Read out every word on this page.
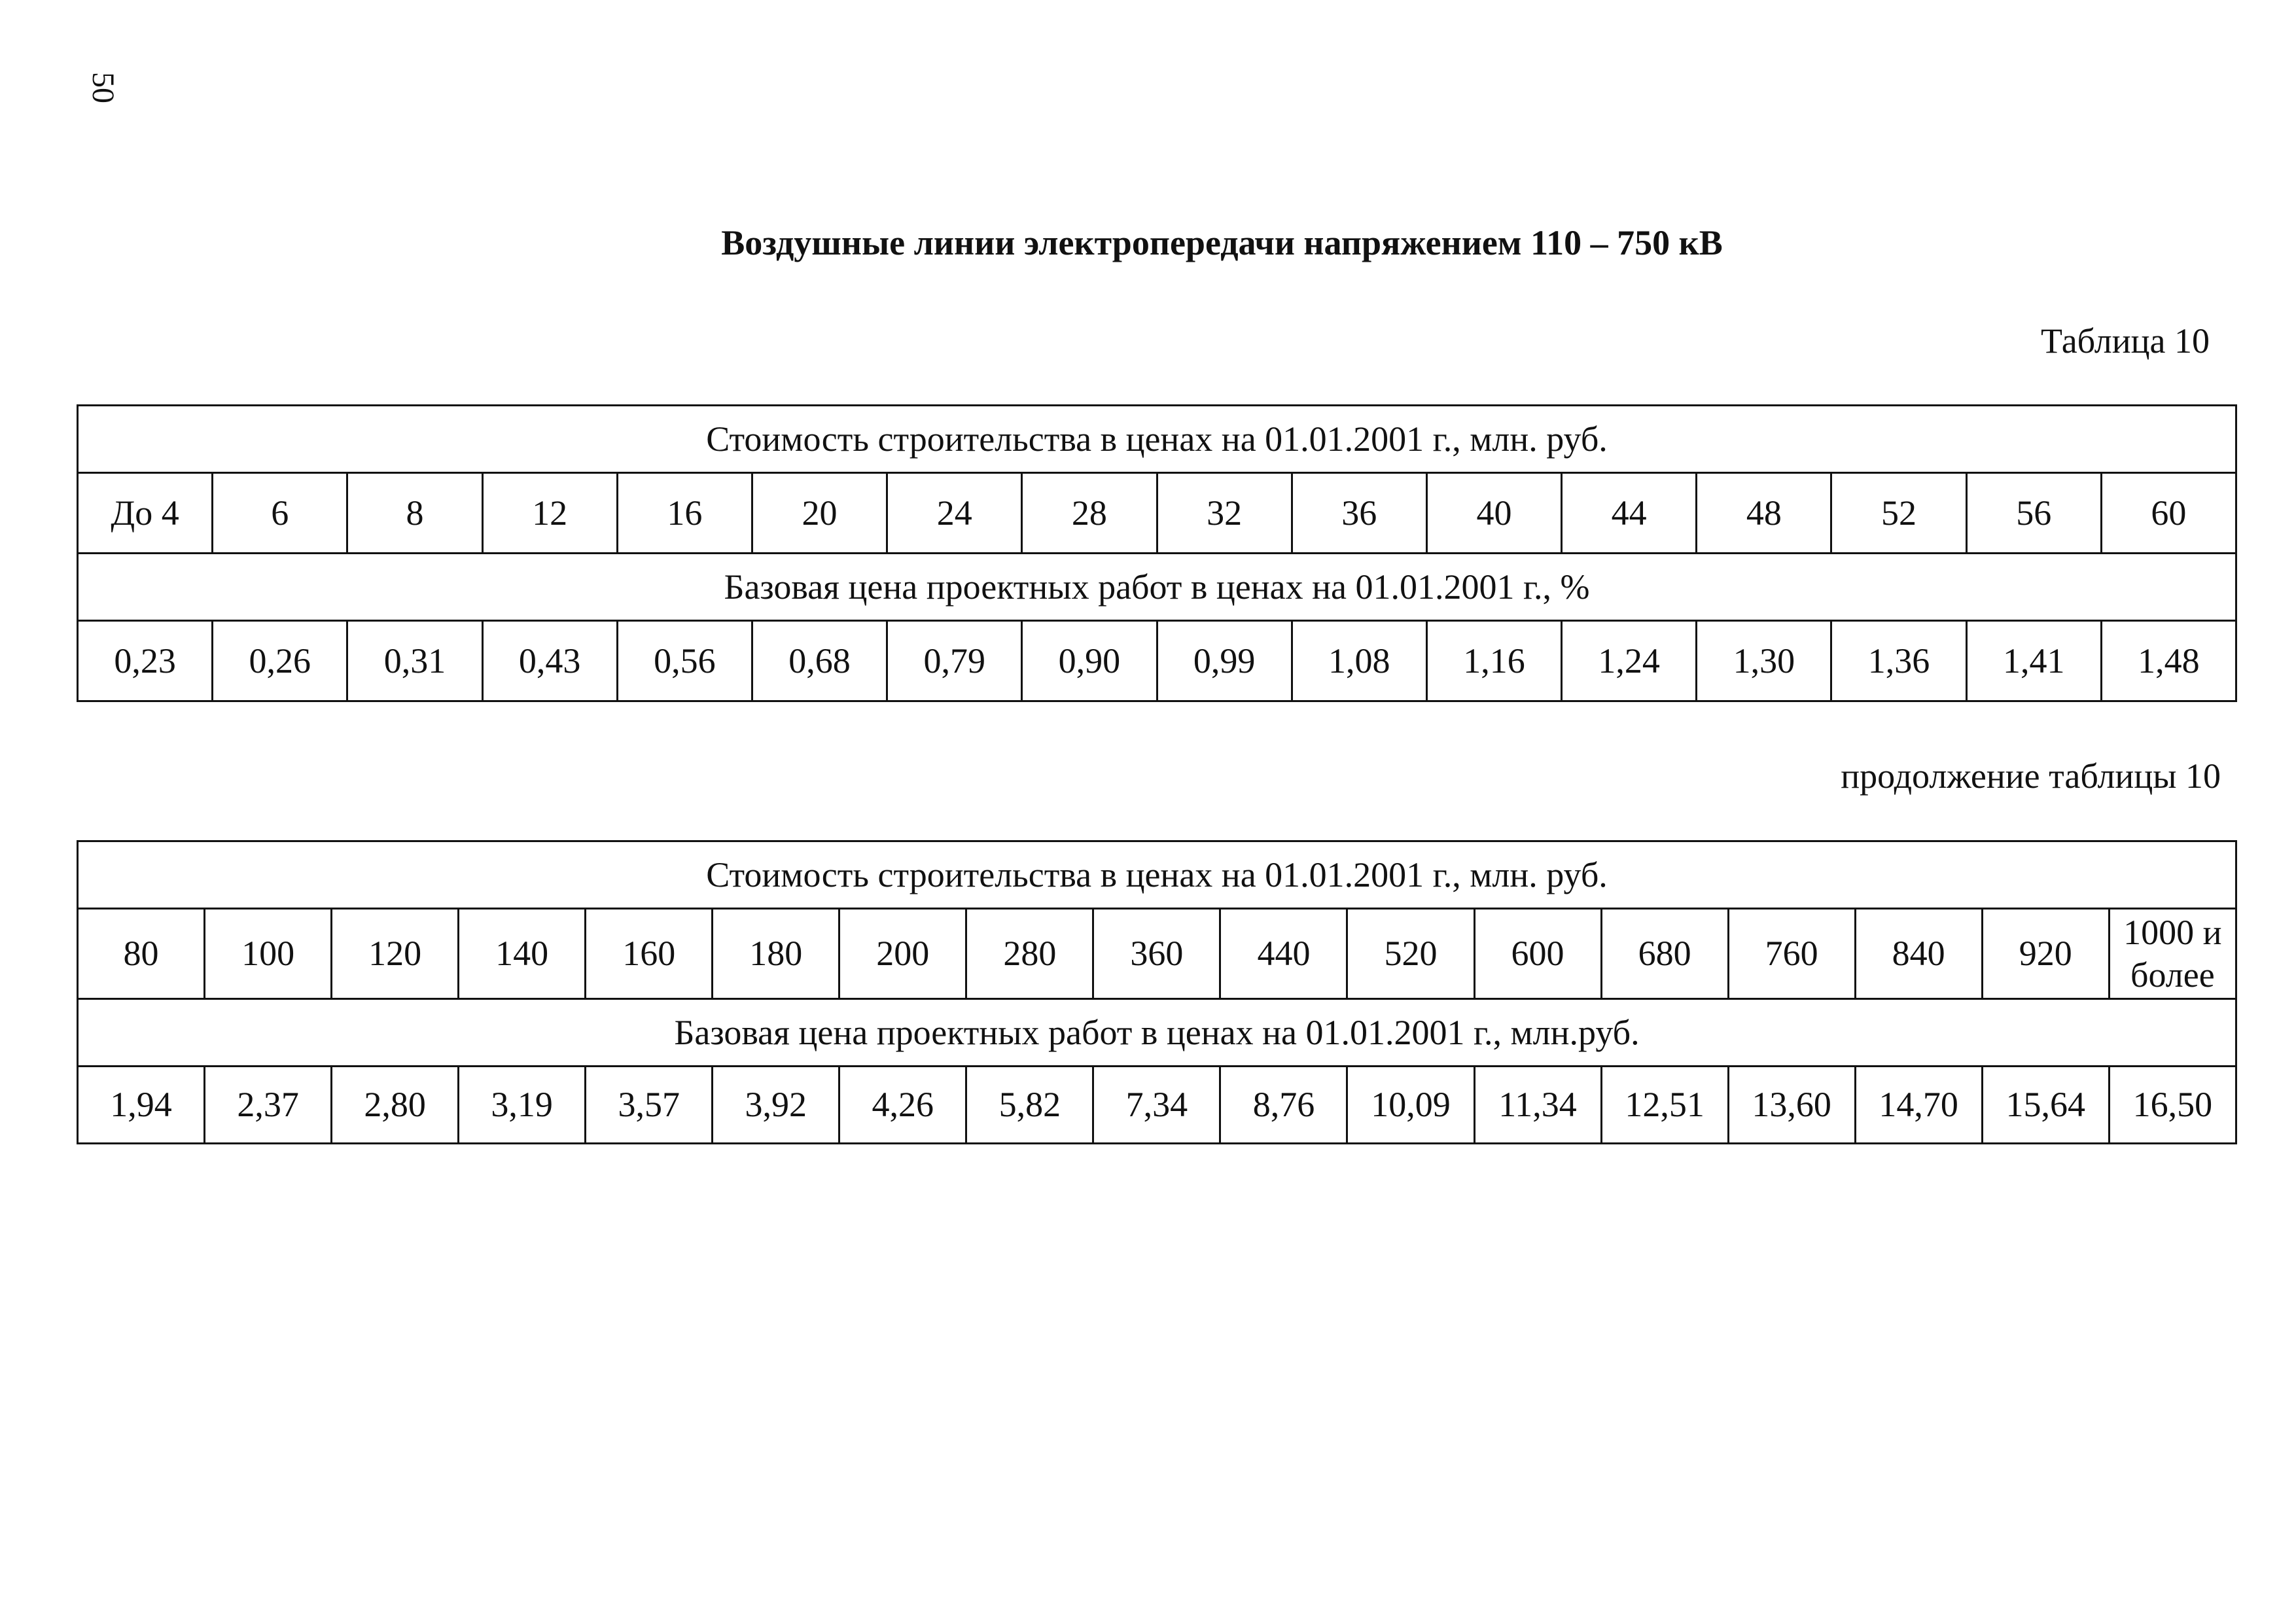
50
Воздушные линии электропередачи напряжением 110 – 750 кВ
Таблица 10
Стоимость строительства в ценах на 01.01.2001 г., млн. руб.															
До 4	6	8	12	16	20	24	28	32	36	40	44	48	52	56	60
Базовая цена проектных работ в ценах на 01.01.2001 г., %															
0,23	0,26	0,31	0,43	0,56	0,68	0,79	0,90	0,99	1,08	1,16	1,24	1,30	1,36	1,41	1,48
продолжение таблицы 10
Стоимость строительства в ценах на 01.01.2001 г., млн. руб.																
80	100	120	140	160	180	200	280	360	440	520	600	680	760	840	920	1000 и более
Базовая цена проектных работ в ценах на 01.01.2001 г., млн.руб.																
1,94	2,37	2,80	3,19	3,57	3,92	4,26	5,82	7,34	8,76	10,09	11,34	12,51	13,60	14,70	15,64	16,50
